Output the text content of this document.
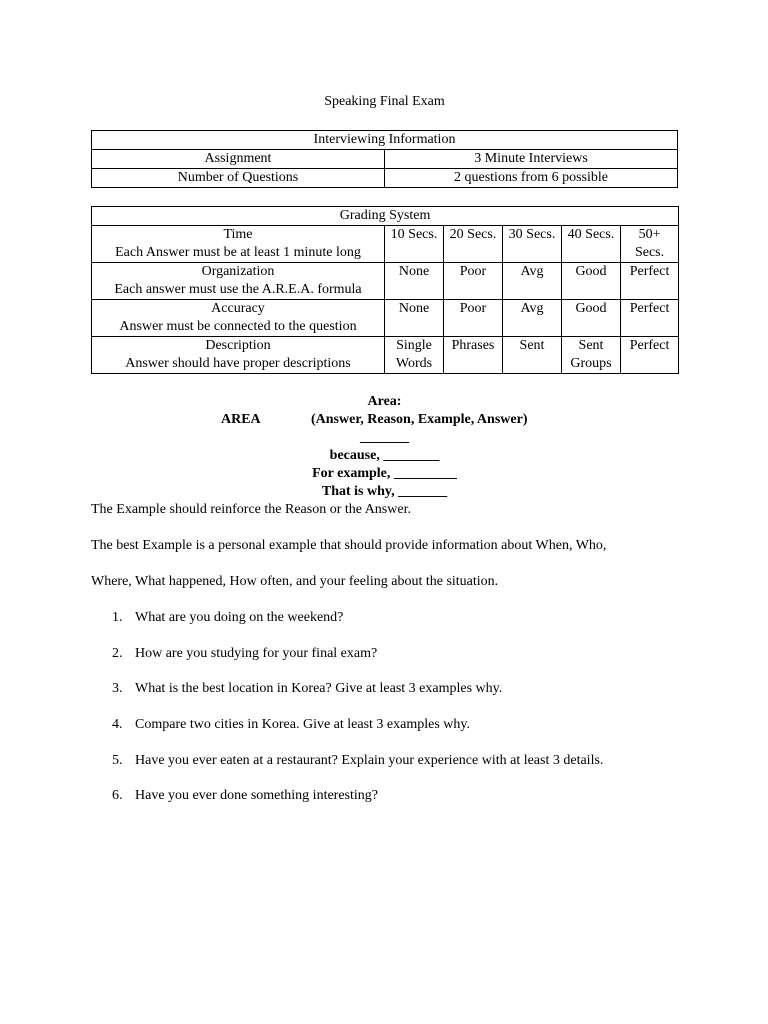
Speaking Final Exam
Interviewing Information	
Assignment	3 Minute Interviews
Number of Questions	2 questions from 6 possible
Grading System					

Time
Each Answer must be at least 1 minute long	10 Secs.	20 Secs.	30 Secs.	40 Secs.	50+ Secs.

Organization
Each answer must use the A.R.E.A. formula	None	Poor	Avg	Good	Perfect

Accuracy
Answer must be connected to the question	None	Poor	Avg	Good	Perfect

Description
Answer should have proper descriptions	Single Words	Phrases	Sent	Sent Groups	Perfect
Area:
AREA	(Answer, Reason, Example, Answer)
_______
because, ________
For example, _________
That is why, _______

The Example should reinforce the Reason or the Answer.

The best Example is a personal example that should provide information about When, Who,

Where, What happened, How often, and your feeling about the situation.

1. What are you doing on the weekend?
2. How are you studying for your final exam?
3. What is the best location in Korea? Give at least 3 examples why.
4. Compare two cities in Korea. Give at least 3 examples why.
5. Have you ever eaten at a restaurant? Explain your experience with at least 3 details.
6. Have you ever done something interesting?
